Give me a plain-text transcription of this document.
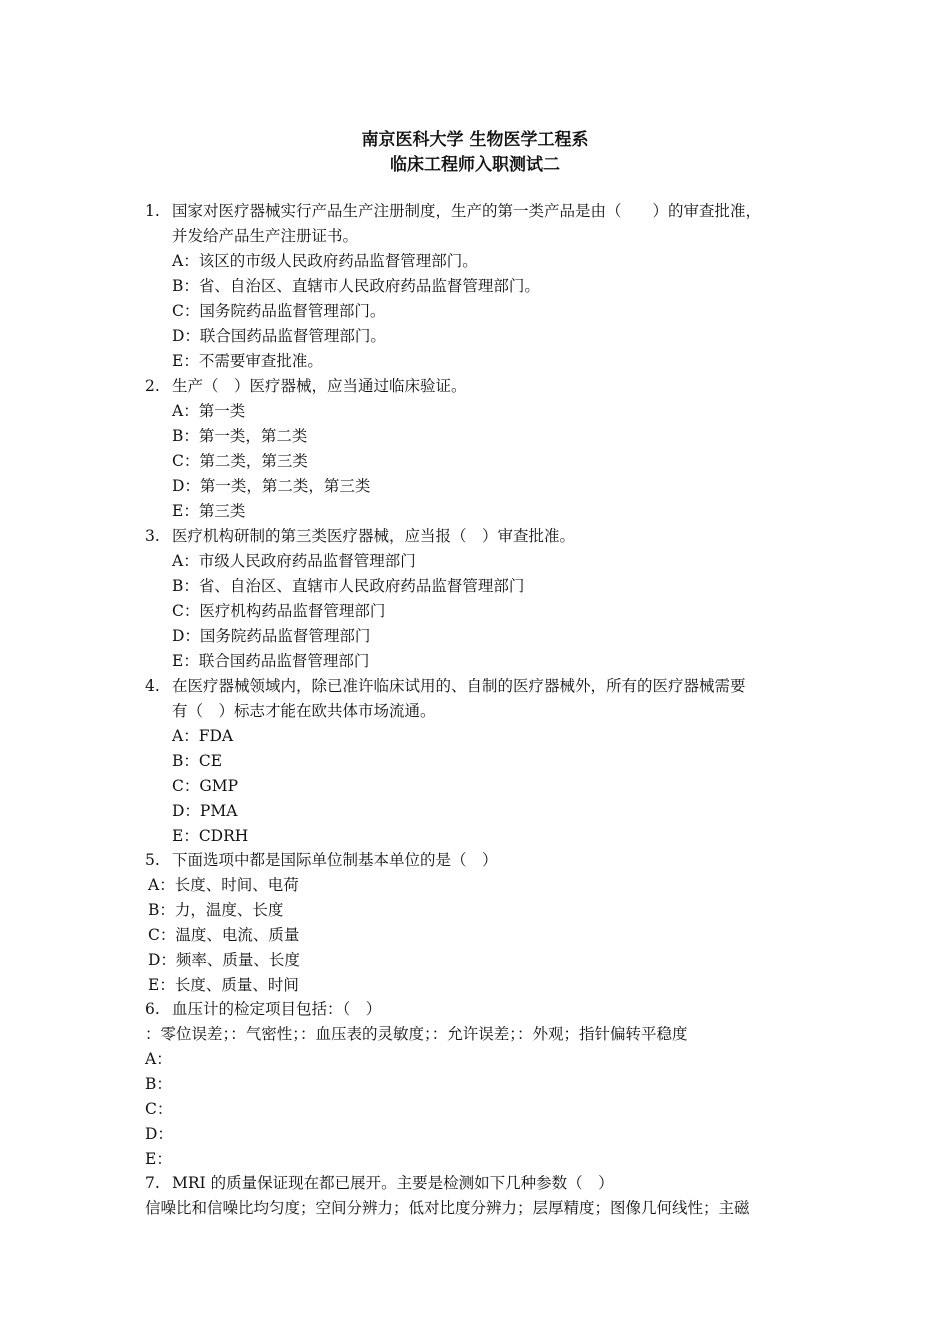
南京医科大学 生物医学工程系
临床工程师入职测试二
1. 国家对医疗器械实行产品生产注册制度，生产的第一类产品是由（　　）的审查批准，
并发给产品生产注册证书。
A：该区的市级人民政府药品监督管理部门。
B：省、自治区、直辖市人民政府药品监督管理部门。
C：国务院药品监督管理部门。
D：联合国药品监督管理部门。
E：不需要审查批准。
2. 生产（　）医疗器械，应当通过临床验证。
A：第一类
B：第一类，第二类
C：第二类，第三类
D：第一类，第二类，第三类
E：第三类
3. 医疗机构研制的第三类医疗器械，应当报（　）审查批准。
A：市级人民政府药品监督管理部门
B：省、自治区、直辖市人民政府药品监督管理部门
C：医疗机构药品监督管理部门
D：国务院药品监督管理部门
E：联合国药品监督管理部门
4. 在医疗器械领域内，除已准许临床试用的、自制的医疗器械外，所有的医疗器械需要
有（　）标志才能在欧共体市场流通。
A：FDA
B：CE
C：GMP
D：PMA
E：CDRH
5. 下面选项中都是国际单位制基本单位的是（　）
A：长度、时间、电荷
B：力，温度、长度
C：温度、电流、质量
D：频率、质量、长度
E：长度、质量、时间
6. 血压计的检定项目包括：（　）
：零位误差；：气密性；：血压表的灵敏度；：允许误差；：外观；指针偏转平稳度
A：
B：
C：
D：
E：
7. MRI 的质量保证现在都已展开。主要是检测如下几种参数（　）
信噪比和信噪比均匀度；空间分辨力；低对比度分辨力；层厚精度；图像几何线性；主磁
